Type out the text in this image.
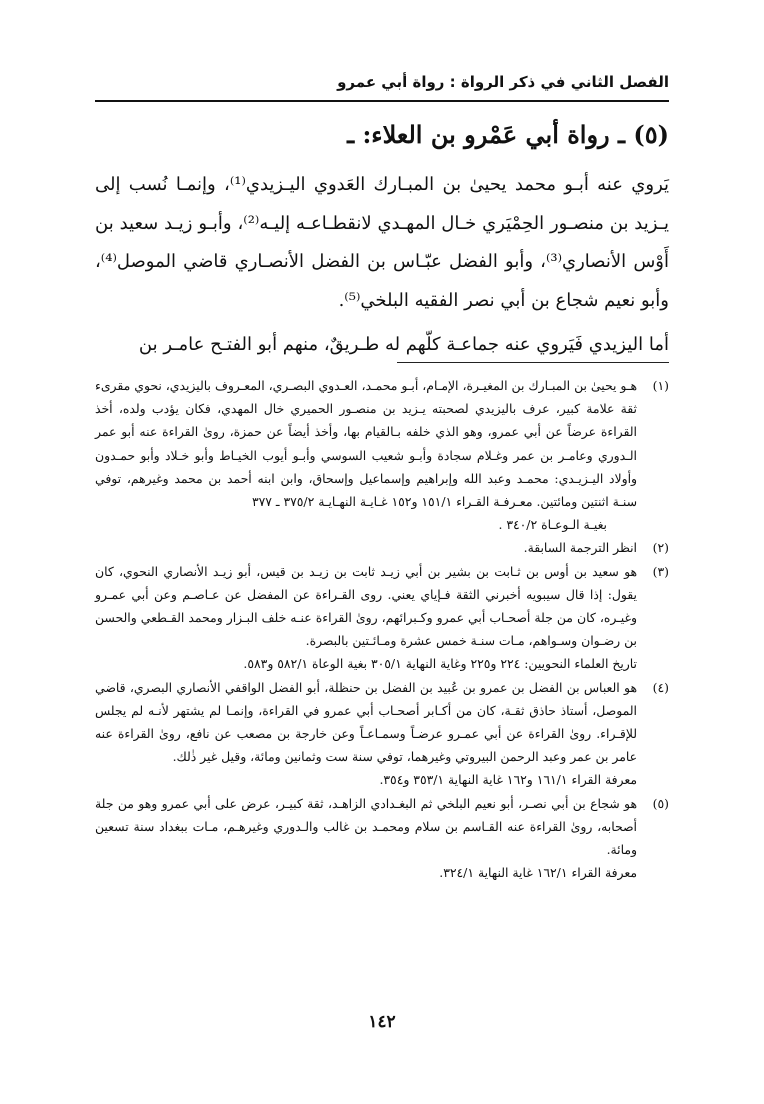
الفصل الثاني في ذكر الرواة : رواة أبي عمرو
(٥) ـ رواة أبي عَمْرو بن العلاء: ـ

يَروي عنه أبـو محمد يحيىٰ بن المبـارك العَدوي اليـزيدي⁽¹⁾، وإنمـا نُسب إلى يـزيد بن منصـور الحِمْيَري خـال المهـدي لانقطـاعـه إليـه⁽²⁾، وأبـو زيـد سعيد بن أَوْس الأنصاري⁽³⁾، وأبو الفضل عبّـاس بن الفضل الأنصـاري قاضي الموصل⁽⁴⁾، وأبو نعيم شجاع بن أبي نصر الفقيه البلخي⁽⁵⁾.

أما اليزيدي فَيَروي عنه جماعـة كلّهم له طـريقٌ، منهم أبو الفتـح عامـر بن

(١)

هـو يحيىٰ بن المبـارك بن المغيـرة، الإمـام، أبـو محمـد، العـدوي البصـري، المعـروف باليزيدي، نحوي مقرىء ثقة علامة كبير، عرف باليزيدي لصحبته يـزيد بن منصـور الحميري خال المهدي، فكان يؤدب ولده، أخذ القراءة عرضاً عن أبي عمرو، وهو الذي خلفه بـالقيام بها، وأخذ أيضاً عن حمزة، روىٰ القراءة عنه أبو عمر الـدوري وعامـر بن عمر وغـلام سجادة وأبـو شعيب السوسي وأبـو أيوب الخيـاط وأبو خـلاد وأبو حمـدون وأولاد اليـزيـدي: محمـد وعبد الله وإبراهيم وإسماعيل وإسحاق، وابن ابنه أحمد بن محمد وغيرهم، توفي سنـة اثنتين ومائتين. معـرفـة القـراء ١٥١/١ و١٥٢ غـايـة النهـايـة ٣٧٥/٢ ـ ٣٧٧

بغيـة الـوعـاة ٣٤٠/٢ .

(٢)

انظر الترجمة السابقة.

(٣)

هو سعيد بن أوس بن ثـابت بن بشير بن أبي زيـد ثابت بن زيـد بن قيس، أبو زيـد الأنصاري النحوي، كان يقول: إذا قال سيبويه أخبرني الثقة فـإياي يعني. روى القـراءة عن المفضل عن عـاصـم وعن أبي عمـرو وغيـره، كان من جلة أصحـاب أبي عمرو وكـبرائهم، روىٰ القراءة عنـه خلف البـزار ومحمد القـطعي والحسن بن رضـوان وسـواهم، مـات سنـة خمس عشرة ومـائـتين بالبصرة.

تاريخ العلماء النحويين: ٢٢٤ و٢٢٥ وغاية النهاية ٣٠٥/١ بغية الوعاة ٥٨٢/١ و٥٨٣.

(٤)

هو العباس بن الفضل بن عمرو بن عُبيد بن الفضل بن حنظلة، أبو الفضل الواقفي الأنصاري البصري، قاضي الموصل، أستاذ حاذق ثقـة، كان من أكـابر أصحـاب أبي عمرو في القراءة، وإنمـا لم يشتهر لأنـه لم يجلس للإقـراء. روىٰ القراءة عن أبي عمـرو عرضـاً وسمـاعـاً وعن خارجة بن مصعب عن نافع، روىٰ القراءة عنه عامر بن عمر وعبد الرحمن البيروتي وغيرهما، توفي سنة ست وثمانين ومائة، وقيل غير ذٰلك.

معرفة القراء ١٦١/١ و١٦٢ غاية النهاية ٣٥٣/١ و٣٥٤.

(٥)

هو شجاع بن أبي نصـر، أبو نعيم البلخي ثم البغـدادي الزاهـد، ثقة كبيـر، عرض على أبي عمرو وهو من جلة أصحابه، روىٰ القراءة عنه القـاسم بن سلام ومحمـد بن غالب والـدوري وغيرهـم، مـات ببغداد سنة تسعين ومائة.

معرفة القراء ١٦٢/١ غاية النهاية ٣٢٤/١.

١٤٢
